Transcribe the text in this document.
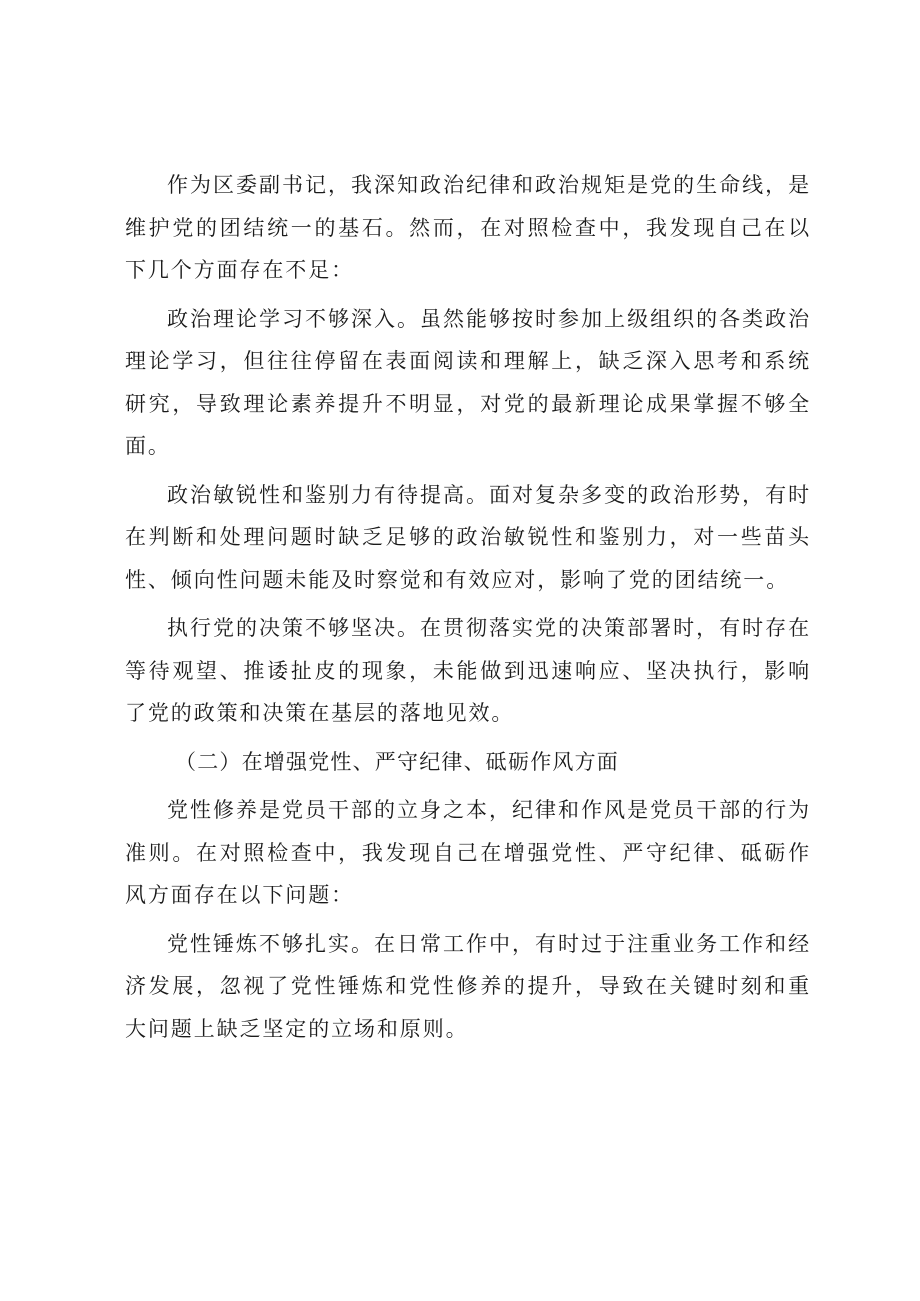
作为区委副书记，我深知政治纪律和政治规矩是党的生命线，是维护党的团结统一的基石。然而，在对照检查中，我发现自己在以下几个方面存在不足：

政治理论学习不够深入。虽然能够按时参加上级组织的各类政治理论学习，但往往停留在表面阅读和理解上，缺乏深入思考和系统研究，导致理论素养提升不明显，对党的最新理论成果掌握不够全面。

政治敏锐性和鉴别力有待提高。面对复杂多变的政治形势，有时在判断和处理问题时缺乏足够的政治敏锐性和鉴别力，对一些苗头性、倾向性问题未能及时察觉和有效应对，影响了党的团结统一。

执行党的决策不够坚决。在贯彻落实党的决策部署时，有时存在等待观望、推诿扯皮的现象，未能做到迅速响应、坚决执行，影响了党的政策和决策在基层的落地见效。

（二）在增强党性、严守纪律、砥砺作风方面

党性修养是党员干部的立身之本，纪律和作风是党员干部的行为准则。在对照检查中，我发现自己在增强党性、严守纪律、砥砺作风方面存在以下问题：

党性锤炼不够扎实。在日常工作中，有时过于注重业务工作和经济发展，忽视了党性锤炼和党性修养的提升，导致在关键时刻和重大问题上缺乏坚定的立场和原则。
